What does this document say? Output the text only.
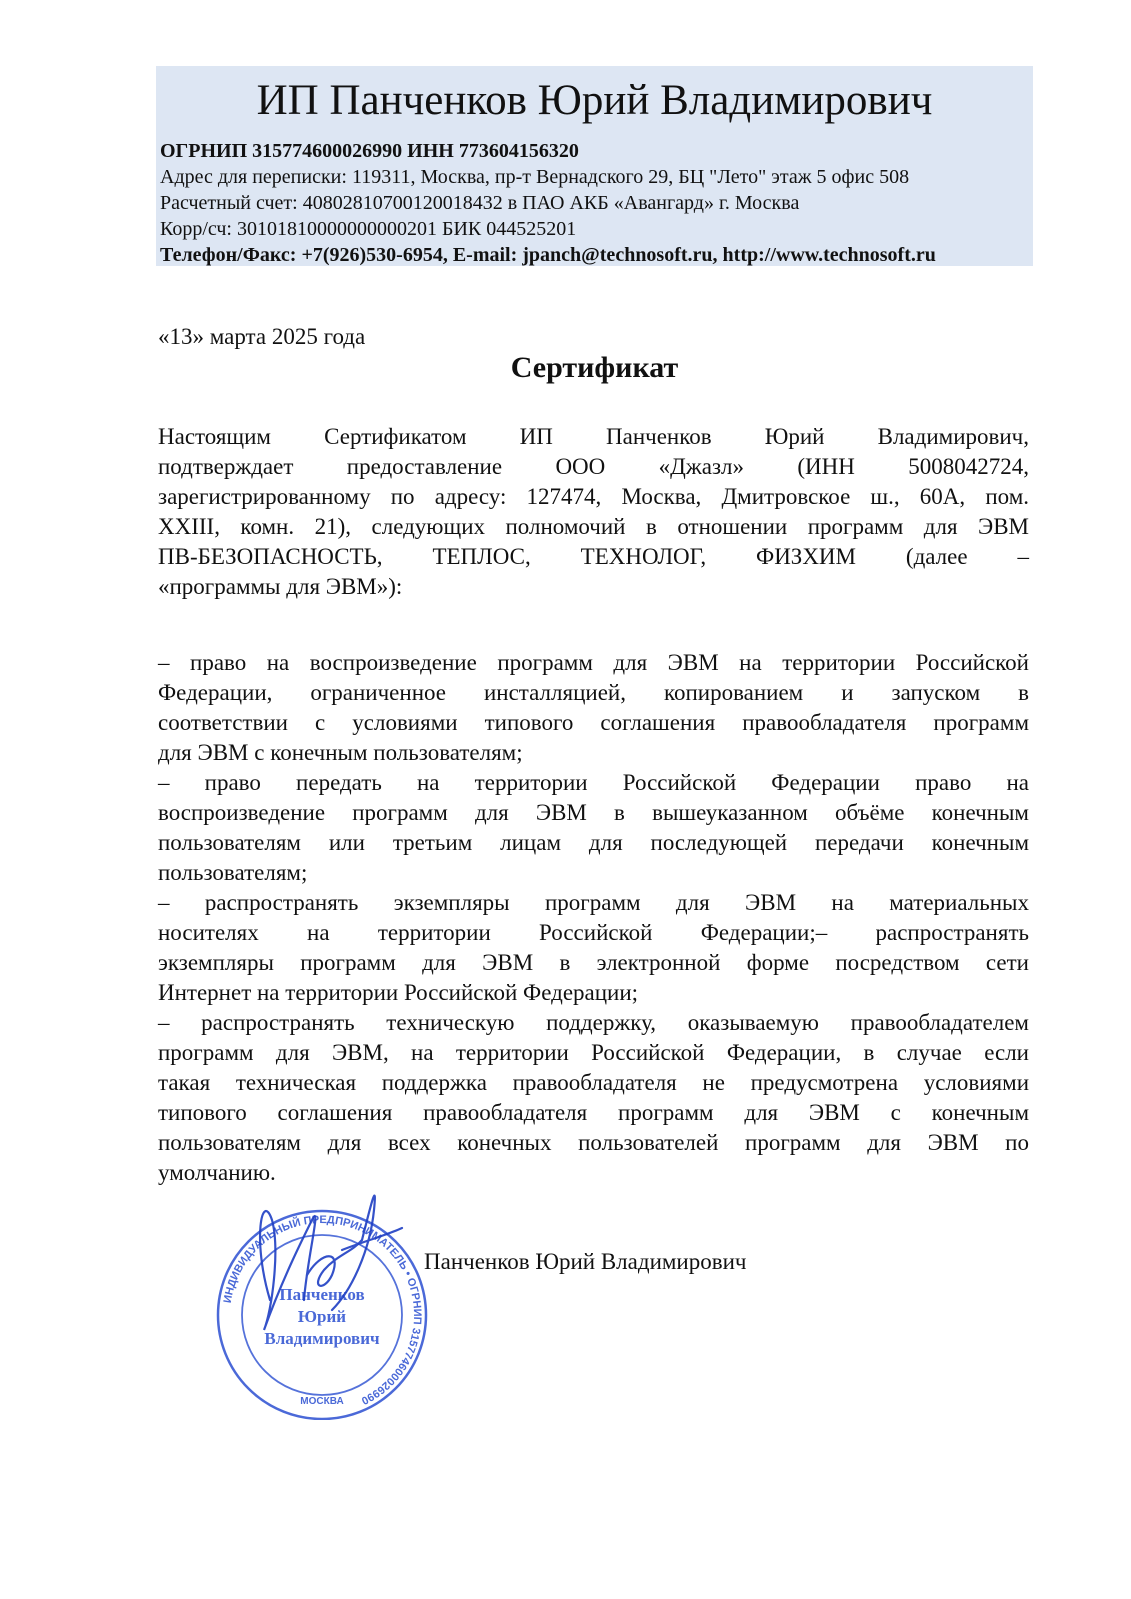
ИП Панченков Юрий Владимирович
ОГРНИП 315774600026990 ИНН 773604156320
Адрес для переписки: 119311, Москва, пр-т Вернадского 29, БЦ "Лето" этаж 5 офис 508
Расчетный счет: 40802810700120018432 в ПАО АКБ «Авангард» г. Москва
Корр/сч: 30101810000000000201 БИК 044525201
Телефон/Факс: +7(926)530-6954, E-mail: jpanch@technosoft.ru, http://www.technosoft.ru
«13» марта 2025 года
Сертификат
Настоящим Сертификатом ИП Панченков Юрий Владимирович,
подтверждает предоставление ООО «Джазл» (ИНН 5008042724,
зарегистрированному по адресу: 127474, Москва, Дмитровское ш., 60А, пом.
XXIII, комн. 21), следующих полномочий в отношении программ для ЭВМ
ПВ-БЕЗОПАСНОСТЬ, ТЕПЛОС, ТЕХНОЛОГ, ФИЗХИМ (далее –
«программы для ЭВМ»):
– право на воспроизведение программ для ЭВМ на территории Российской
Федерации, ограниченное инсталляцией, копированием и запуском в
соответствии с условиями типового соглашения правообладателя программ
для ЭВМ с конечным пользователям;
– право передать на территории Российской Федерации право на
воспроизведение программ для ЭВМ в вышеуказанном объёме конечным
пользователям или третьим лицам для последующей передачи конечным
пользователям;
– распространять экземпляры программ для ЭВМ на материальных
носителях на территории Российской Федерации;– распространять
экземпляры программ для ЭВМ в электронной форме посредством сети
Интернет на территории Российской Федерации;
– распространять техническую поддержку, оказываемую правообладателем
программ для ЭВМ, на территории Российской Федерации, в случае если
такая техническая поддержка правообладателя не предусмотрена условиями
типового соглашения правообладателя программ для ЭВМ с конечным
пользователям для всех конечных пользователей программ для ЭВМ по
умолчанию.
Панченков Юрий Владимирович
ИНДИВИДУАЛЬНЫЙ ПРЕДПРИНИМАТЕЛЬ • ОГРНИП 315774600026990
Панченков
Юрий
Владимирович
МОСКВА
